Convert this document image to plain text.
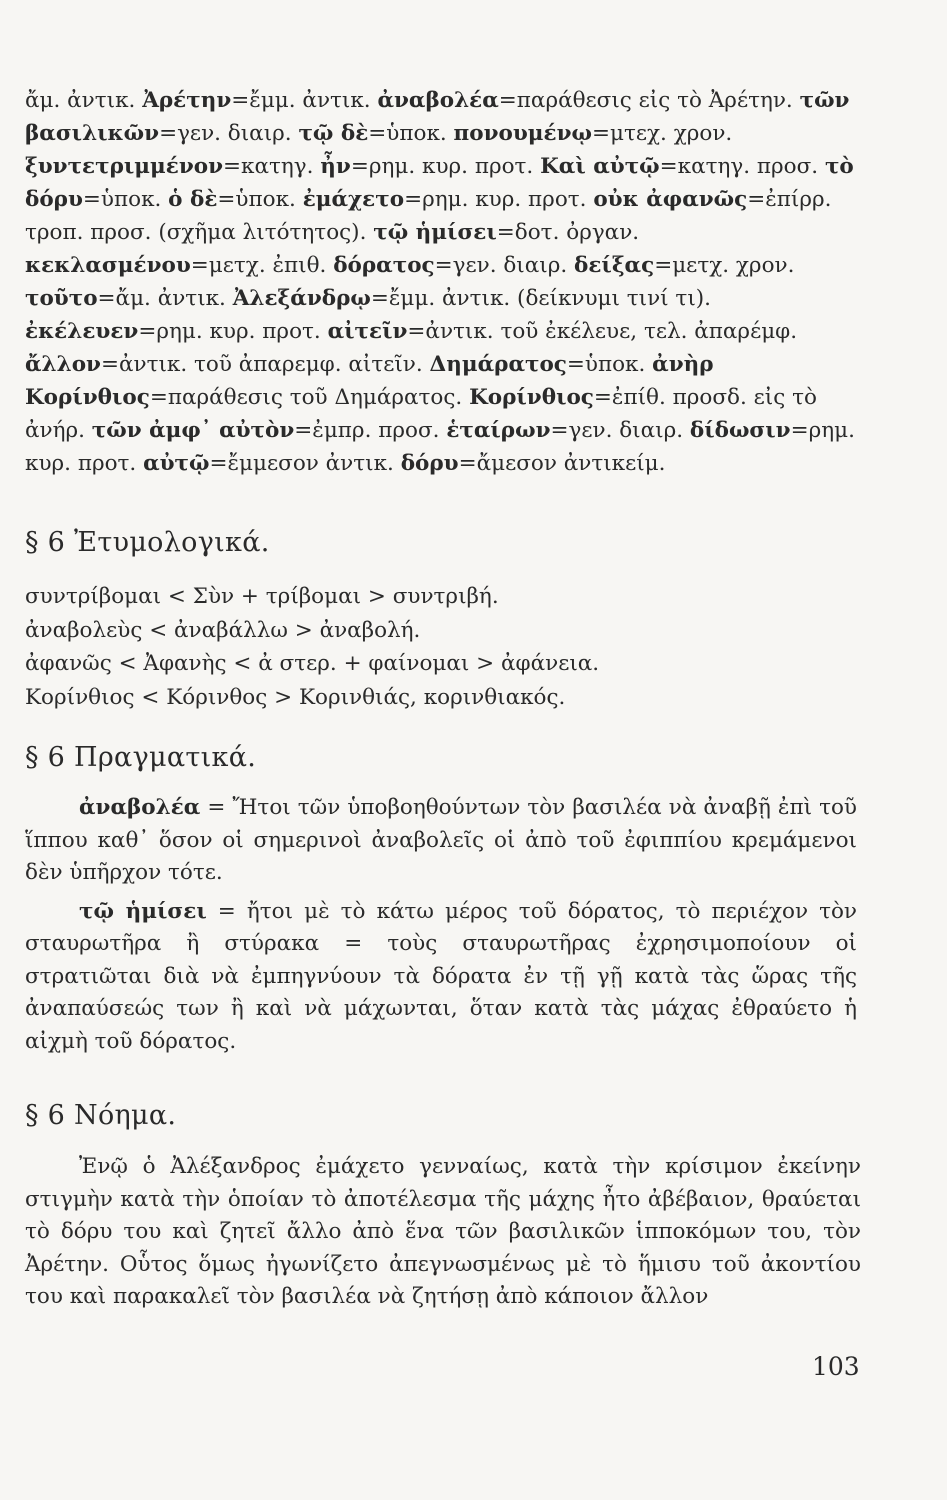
ἄμ. ἀντικ. Ἀρέτην=ἔμμ. ἀντικ. ἀναβολέα=παράθεσις εἰς τὸ Ἀρέτην. τῶν βασιλικῶν=γεν. διαιρ. τῷ δὲ=ὑποκ. πονουμένῳ=μτεχ. χρον. ξυντετριμμένον=κατηγ. ἦν=ρημ. κυρ. προτ. Καὶ αὐτῷ=κατηγ. προσ. τὸ δόρυ=ὑποκ. ὁ δὲ=ὑποκ. ἐμάχετο=ρημ. κυρ. προτ. οὐκ ἀφανῶς=ἐπίρρ. τροπ. προσ. (σχῆμα λιτότητος). τῷ ἡμίσει=δοτ. ὀργαν. κεκλασμένου=μετχ. ἐπιθ. δόρατος=γεν. διαιρ. δείξας=μετχ. χρον. τοῦτο=ἄμ. ἀντικ. Ἀλεξάνδρῳ=ἔμμ. ἀντικ. (δείκνυμι τινί τι). ἐκέλευεν=ρημ. κυρ. προτ. αἰτεῖν=ἀντικ. τοῦ ἐκέλευε, τελ. ἀπαρέμφ. ἄλλον=ἀντικ. τοῦ ἀπαρεμφ. αἰτεῖν. Δημάρατος=ὑποκ. ἀνὴρ Κορίνθιος=παράθεσις τοῦ Δημάρατος. Κορίνθιος=ἐπίθ. προσδ. εἰς τὸ ἀνήρ. τῶν ἀμφ᾽ αὐτὸν=ἐμπρ. προσ. ἑταίρων=γεν. διαιρ. δίδωσιν=ρημ. κυρ. προτ. αὐτῷ=ἔμμεσον ἀντικ. δόρυ=ἄμεσον ἀντικείμ.

§ 6 Ἐτυμολογικά.
συντρίβομαι < Σὺν + τρίβομαι > συντριβή.
ἀναβολεὺς < ἀναβάλλω > ἀναβολή.
ἀφανῶς < Ἀφανὴς < ἀ στερ. + φαίνομαι > ἀφάνεια.
Κορίνθιος < Κόρινθος > Κορινθιάς, κορινθιακός.
§ 6 Πραγματικά.

ἀναβολέα = Ἤτοι τῶν ὑποβοηθούντων τὸν βασιλέα νὰ ἀναβῇ ἐπὶ τοῦ ἵππου καθ᾽ ὅσον οἱ σημερινοὶ ἀναβολεῖς οἱ ἀπὸ τοῦ ἐφιππίου κρεμάμενοι δὲν ὑπῆρχον τότε.

τῷ ἡμίσει = ἤτοι μὲ τὸ κάτω μέρος τοῦ δόρατος, τὸ περιέχον τὸν σταυρωτῆρα ἢ στύρακα = τοὺς σταυρωτῆρας ἐχρησιμοποίουν οἱ στρατιῶται διὰ νὰ ἐμπηγνύουν τὰ δόρατα ἐν τῇ γῇ κατὰ τὰς ὥρας τῆς ἀναπαύσεώς των ἢ καὶ νὰ μάχωνται, ὅταν κατὰ τὰς μάχας ἐθραύετο ἡ αἰχμὴ τοῦ δόρατος.

§ 6 Νόημα.

Ἐνῷ ὁ Ἀλέξανδρος ἐμάχετο γενναίως, κατὰ τὴν κρίσιμον ἐκείνην στιγμὴν κατὰ τὴν ὁποίαν τὸ ἀποτέλεσμα τῆς μάχης ἦτο ἀβέβαιον, θραύεται τὸ δόρυ του καὶ ζητεῖ ἄλλο ἀπὸ ἕνα τῶν βασιλικῶν ἱπποκόμων του, τὸν Ἀρέτην. Οὗτος ὅμως ἠγωνίζετο ἀπεγνωσμένως μὲ τὸ ἥμισυ τοῦ ἀκοντίου του καὶ παρακαλεῖ τὸν βασιλέα νὰ ζητήσῃ ἀπὸ κάποιον ἄλλον

103
